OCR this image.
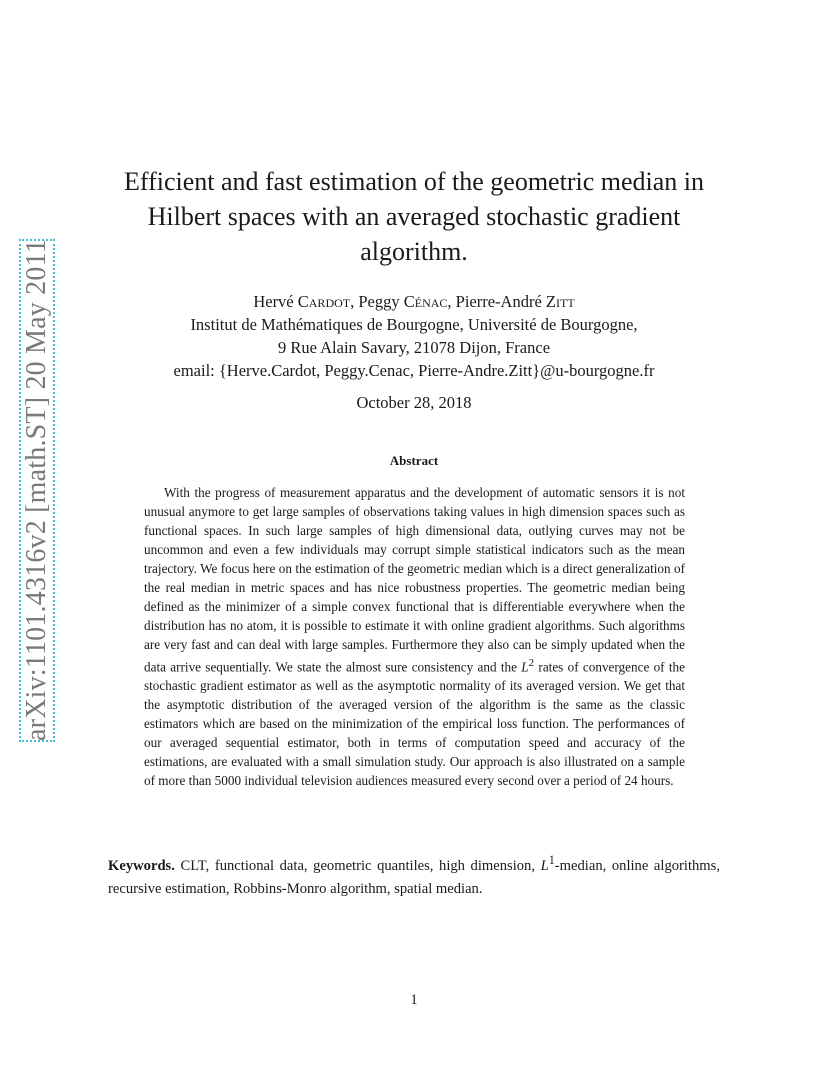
arXiv:1101.4316v2 [math.ST] 20 May 2011
Efficient and fast estimation of the geometric median in
Hilbert spaces with an averaged stochastic gradient
algorithm.
Hervé Cardot, Peggy Cénac, Pierre-André Zitt
Institut de Mathématiques de Bourgogne, Université de Bourgogne,
9 Rue Alain Savary, 21078 Dijon, France
email: {Herve.Cardot, Peggy.Cenac, Pierre-Andre.Zitt}@u-bourgogne.fr
October 28, 2018
Abstract

With the progress of measurement apparatus and the development of automatic sensors it is not unusual anymore to get large samples of observations taking values in high dimension spaces such as functional spaces. In such large samples of high dimensional data, outlying curves may not be uncommon and even a few individuals may corrupt simple statistical indicators such as the mean trajectory. We focus here on the estimation of the geometric median which is a direct generalization of the real median in metric spaces and has nice robustness properties. The geometric median being defined as the minimizer of a simple convex functional that is differentiable everywhere when the distribution has no atom, it is possible to estimate it with online gradient algorithms. Such algorithms are very fast and can deal with large samples. Furthermore they also can be simply updated when the data arrive sequentially. We state the almost sure consistency and the $L^2$ rates of convergence of the stochastic gradient estimator as well as the asymptotic normality of its averaged version. We get that the asymptotic distribution of the averaged version of the algorithm is the same as the classic estimators which are based on the minimization of the empirical loss function. The performances of our averaged sequential estimator, both in terms of computation speed and accuracy of the estimations, are evaluated with a small simulation study. Our approach is also illustrated on a sample of more than 5000 individual television audiences measured every second over a period of 24 hours.

Keywords. CLT, functional data, geometric quantiles, high dimension, $L^1$-median, online algorithms, recursive estimation, Robbins-Monro algorithm, spatial median.

1
